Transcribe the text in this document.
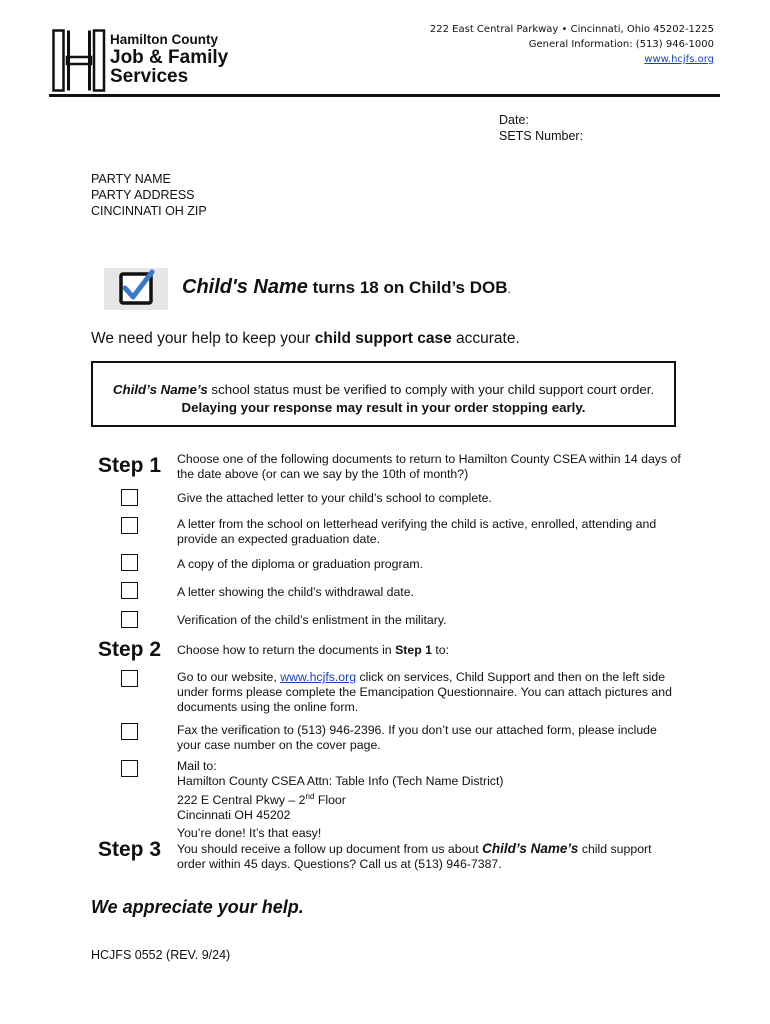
Hamilton County
Job & Family
Services
222 East Central Parkway • Cincinnati, Ohio 45202-1225
General Information: (513) 946-1000
www.hcjfs.org
Date:
SETS Number:
PARTY NAME
PARTY ADDRESS
CINCINNATI OH ZIP
Child's Name turns 18 on Child’s DOB.
We need your help to keep your child support case accurate.
Child’s Name’s school status must be verified to comply with your child support court order.
Delaying your response may result in your order stopping early.
Step 1 Choose one of the following documents to return to Hamilton County CSEA within 14 days of the date above (or can we say by the 10th of month?)
Give the attached letter to your child’s school to complete.
A letter from the school on letterhead verifying the child is active, enrolled, attending and provide an expected graduation date.
A copy of the diploma or graduation program.
A letter showing the child’s withdrawal date.
Verification of the child’s enlistment in the military.
Step 2 Choose how to return the documents in Step 1 to:
Go to our website, www.hcjfs.org click on services, Child Support and then on the left side under forms please complete the Emancipation Questionnaire. You can attach pictures and documents using the online form.
Fax the verification to (513) 946-2396. If you don’t use our attached form, please include your case number on the cover page.
Mail to:
Hamilton County CSEA Attn: Table Info (Tech Name District)
222 E Central Pkwy – 2nd Floor
Cincinnati OH 45202
Step 3
You’re done! It’s that easy!
You should receive a follow up document from us about Child’s Name’s child support order within 45 days. Questions? Call us at (513) 946-7387.
We appreciate your help.
HCJFS 0552 (REV. 9/24)
